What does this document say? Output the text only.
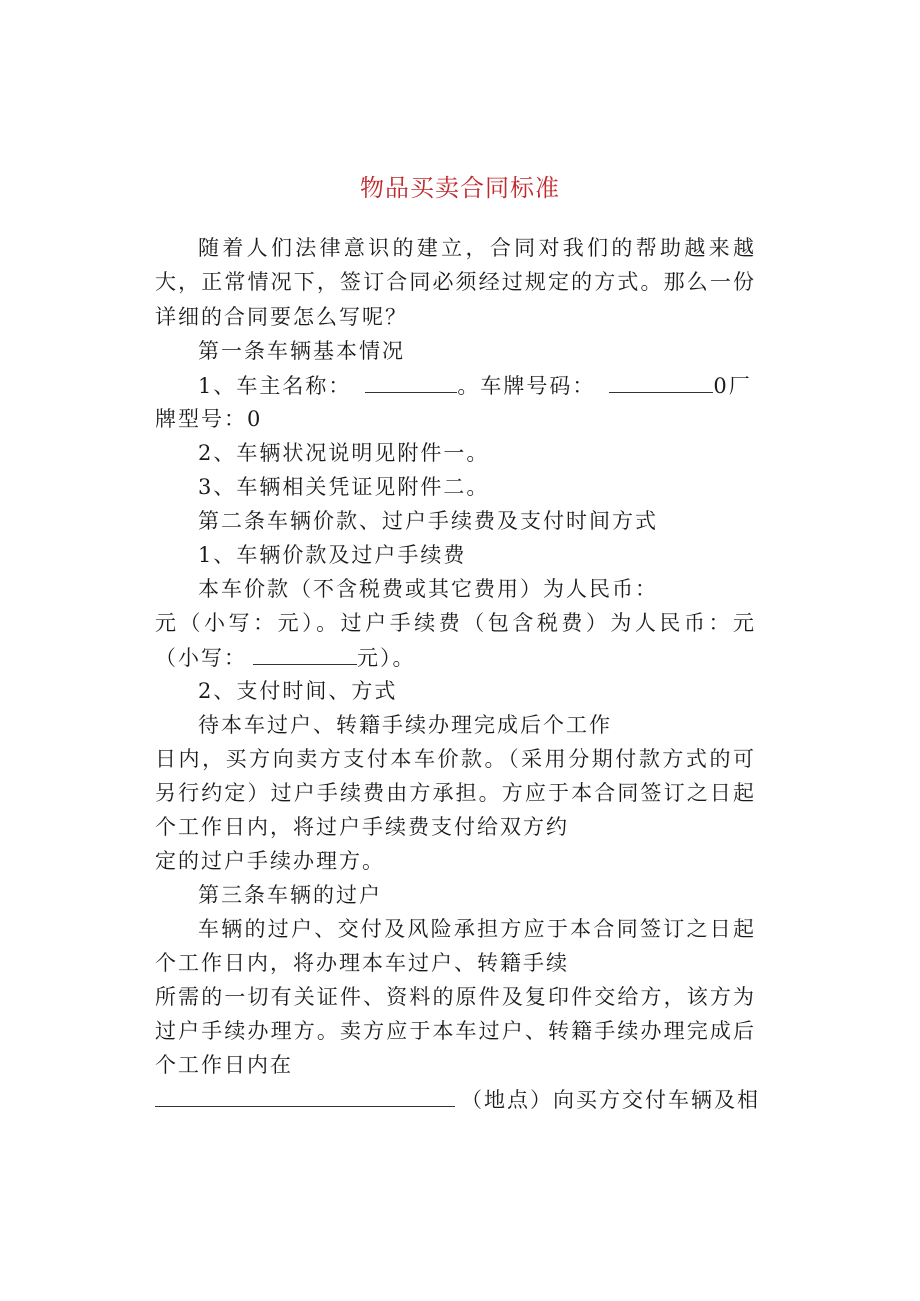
物品买卖合同标准
随着人们法律意识的建立，合同对我们的帮助越来越
大，正常情况下，签订合同必须经过规定的方式。那么一份
详细的合同要怎么写呢？
第一条车辆基本情况
1、车主名称：	。车牌号码：	0厂
牌型号：0
2、车辆状况说明见附件一。
3、车辆相关凭证见附件二。
第二条车辆价款、过户手续费及支付时间方式
1、车辆价款及过户手续费
本车价款（不含税费或其它费用）为人民币：
元（小写：元）。过户手续费（包含税费）为人民币：元
（小写：	元）。
2、支付时间、方式
待本车过户、转籍手续办理完成后个工作
日内，买方向卖方支付本车价款。（采用分期付款方式的可
另行约定）过户手续费由方承担。方应于本合同签订之日起
个工作日内，将过户手续费支付给双方约
定的过户手续办理方。
第三条车辆的过户
车辆的过户、交付及风险承担方应于本合同签订之日起
个工作日内，将办理本车过户、转籍手续
所需的一切有关证件、资料的原件及复印件交给方，该方为
过户手续办理方。卖方应于本车过户、转籍手续办理完成后
个工作日内在
（地点）向买方交付车辆及相
